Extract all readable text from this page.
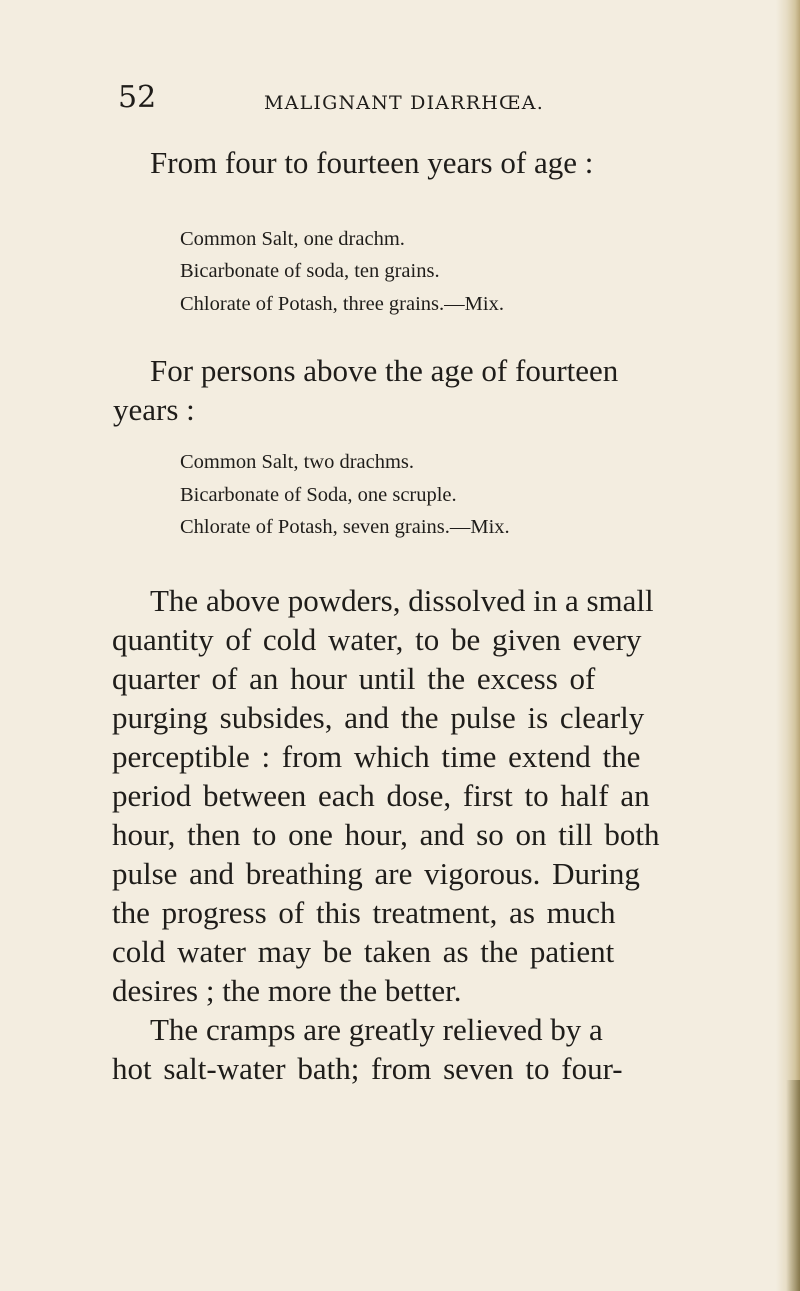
52	MALIGNANT DIARRHŒA.
From four to fourteen years of age :
Common Salt, one drachm.
Bicarbonate of soda, ten grains.
Chlorate of Potash, three grains.—Mix.
For persons above the age of fourteen
years :
Common Salt, two drachms.
Bicarbonate of Soda, one scruple.
Chlorate of Potash, seven grains.—Mix.
The above powders, dissolved in a small
quantity of cold water, to be given every
quarter of an hour until the excess of
purging subsides, and the pulse is clearly
perceptible : from which time extend the
period between each dose, first to half an
hour, then to one hour, and so on till both
pulse and breathing are vigorous. During
the progress of this treatment, as much
cold water may be taken as the patient
desires ; the more the better.
The cramps are greatly relieved by a
hot salt-water bath; from seven to four-
